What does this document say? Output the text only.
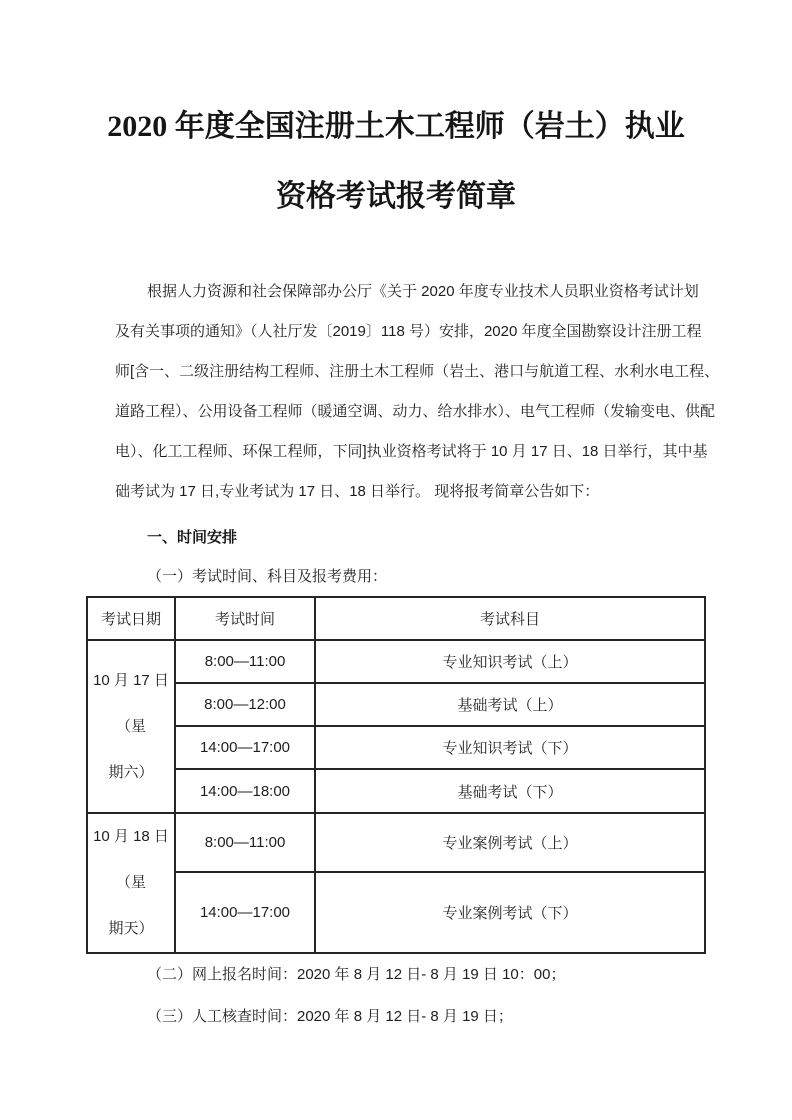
2020 年度全国注册土木工程师（岩土）执业
资格考试报考简章
根据人力资源和社会保障部办公厅《关于 2020 年度专业技术人员职业资格考试计划
及有关事项的通知》（人社厅发〔2019〕118 号）安排，2020 年度全国勘察设计注册工程
师[含一、二级注册结构工程师、注册土木工程师（岩土、港口与航道工程、水利水电工程、
道路工程）、公用设备工程师（暖通空调、动力、给水排水）、电气工程师（发输变电、供配
电）、化工工程师、环保工程师，下同]执业资格考试将于 10 月 17 日、18 日举行，其中基
础考试为 17 日,专业考试为 17 日、18 日举行。 现将报考简章公告如下：
一、时间安排
（一）考试时间、科目及报考费用：
考试日期	考试时间	考试科目

10 月 17 日（星
期六）	8:00—11:00	专业知识考试（上）
	8:00—12:00	基础考试（上）
	14:00—17:00	专业知识考试（下）
	14:00—18:00	基础考试（下）

10 月 18 日（星
期天）	8:00—11:00	专业案例考试（上）
	14:00—17:00	专业案例考试（下）
（二）网上报名时间：2020 年 8 月 12 日- 8 月 19 日 10：00；
（三）人工核查时间：2020 年 8 月 12 日- 8 月 19 日；
